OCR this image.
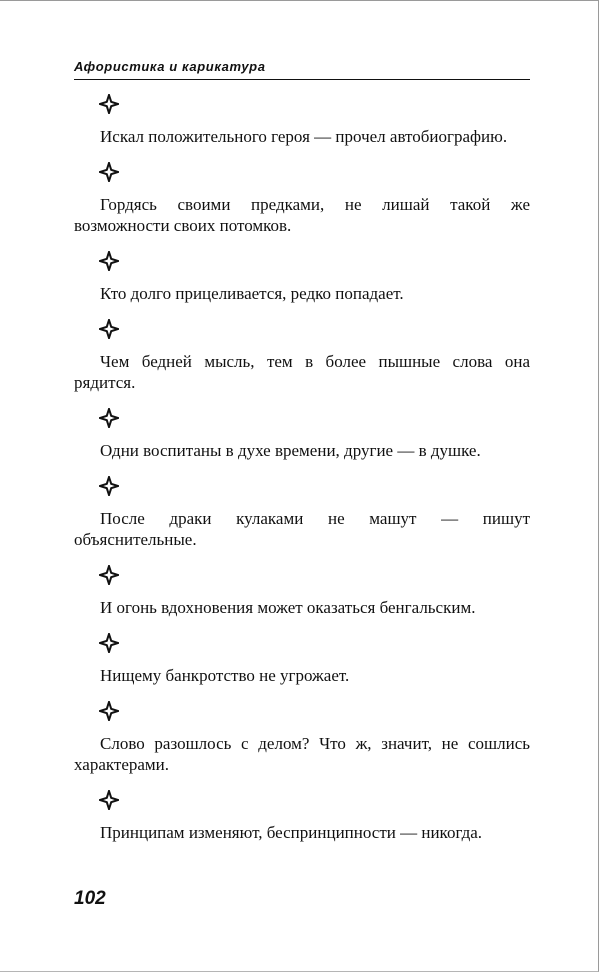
Афористика и карикатура

Искал положительного героя — прочел автобиографию.

Гордясь своими предками, не лишай такой же возможности своих потомков.

Кто долго прицеливается, редко попадает.

Чем бедней мысль, тем в более пышные слова она рядится.

Одни воспитаны в духе времени, другие — в душке.

После драки кулаками не машут — пишут объяснительные.

И огонь вдохновения может оказаться бенгальским.

Нищему банкротство не угрожает.

Слово разошлось с делом? Что ж, значит, не сошлись характерами.

Принципам изменяют, беспринципности — никогда.

102
